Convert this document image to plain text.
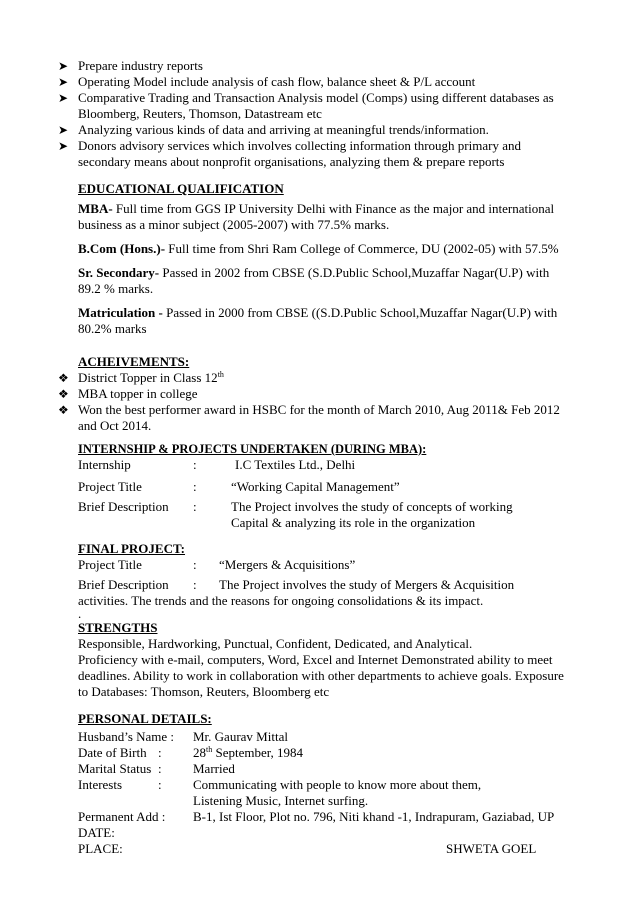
➤ Prepare industry reports
➤ Operating Model include analysis of cash flow, balance sheet & P/L account
➤ Comparative Trading and Transaction Analysis model (Comps) using different databases as
Bloomberg, Reuters, Thomson, Datastream etc
➤ Analyzing various kinds of data and arriving at meaningful trends/information.
➤ Donors advisory services which involves collecting information through primary and
secondary means about nonprofit organisations, analyzing them & prepare reports
EDUCATIONAL QUALIFICATION
MBA- Full time from GGS IP University Delhi with Finance as the major and international
business as a minor subject (2005-2007) with 77.5% marks.
B.Com (Hons.)- Full time from Shri Ram College of Commerce, DU (2002-05) with 57.5%
Sr. Secondary- Passed in 2002 from CBSE (S.D.Public School,Muzaffar Nagar(U.P) with
89.2 % marks.
Matriculation - Passed in 2000 from CBSE ((S.D.Public School,Muzaffar Nagar(U.P) with
80.2% marks
ACHEIVEMENTS:
❖ District Topper in Class 12th
❖ MBA topper in college
❖ Won the best performer award in HSBC for the month of March 2010, Aug 2011& Feb 2012
and Oct 2014.
INTERNSHIP & PROJECTS UNDERTAKEN (DURING MBA):
Internship	:	I.C Textiles Ltd., Delhi
Project Title	:	“Working Capital Management”
Brief Description :	The Project involves the study of concepts of working
Capital & analyzing its role in the organization
FINAL PROJECT:
Project Title	: “Mergers & Acquisitions”
Brief Description : The Project involves the study of Mergers & Acquisition
activities. The trends and the reasons for ongoing consolidations & its impact.
.
STRENGTHS
Responsible, Hardworking, Punctual, Confident, Dedicated, and Analytical.
Proficiency with e-mail, computers, Word, Excel and Internet Demonstrated ability to meet
deadlines. Ability to work in collaboration with other departments to achieve goals. Exposure
to Databases: Thomson, Reuters, Bloomberg etc
PERSONAL DETAILS:
Husband’s Name : Mr. Gaurav Mittal
Date of Birth : 28th September, 1984
Marital Status : Married
Interests	: Communicating with people to know more about them,
Listening Music, Internet surfing.
Permanent Add : B-1, Ist Floor, Plot no. 796, Niti khand -1, Indrapuram, Gaziabad, UP
DATE:
PLACE:	SHWETA GOEL
